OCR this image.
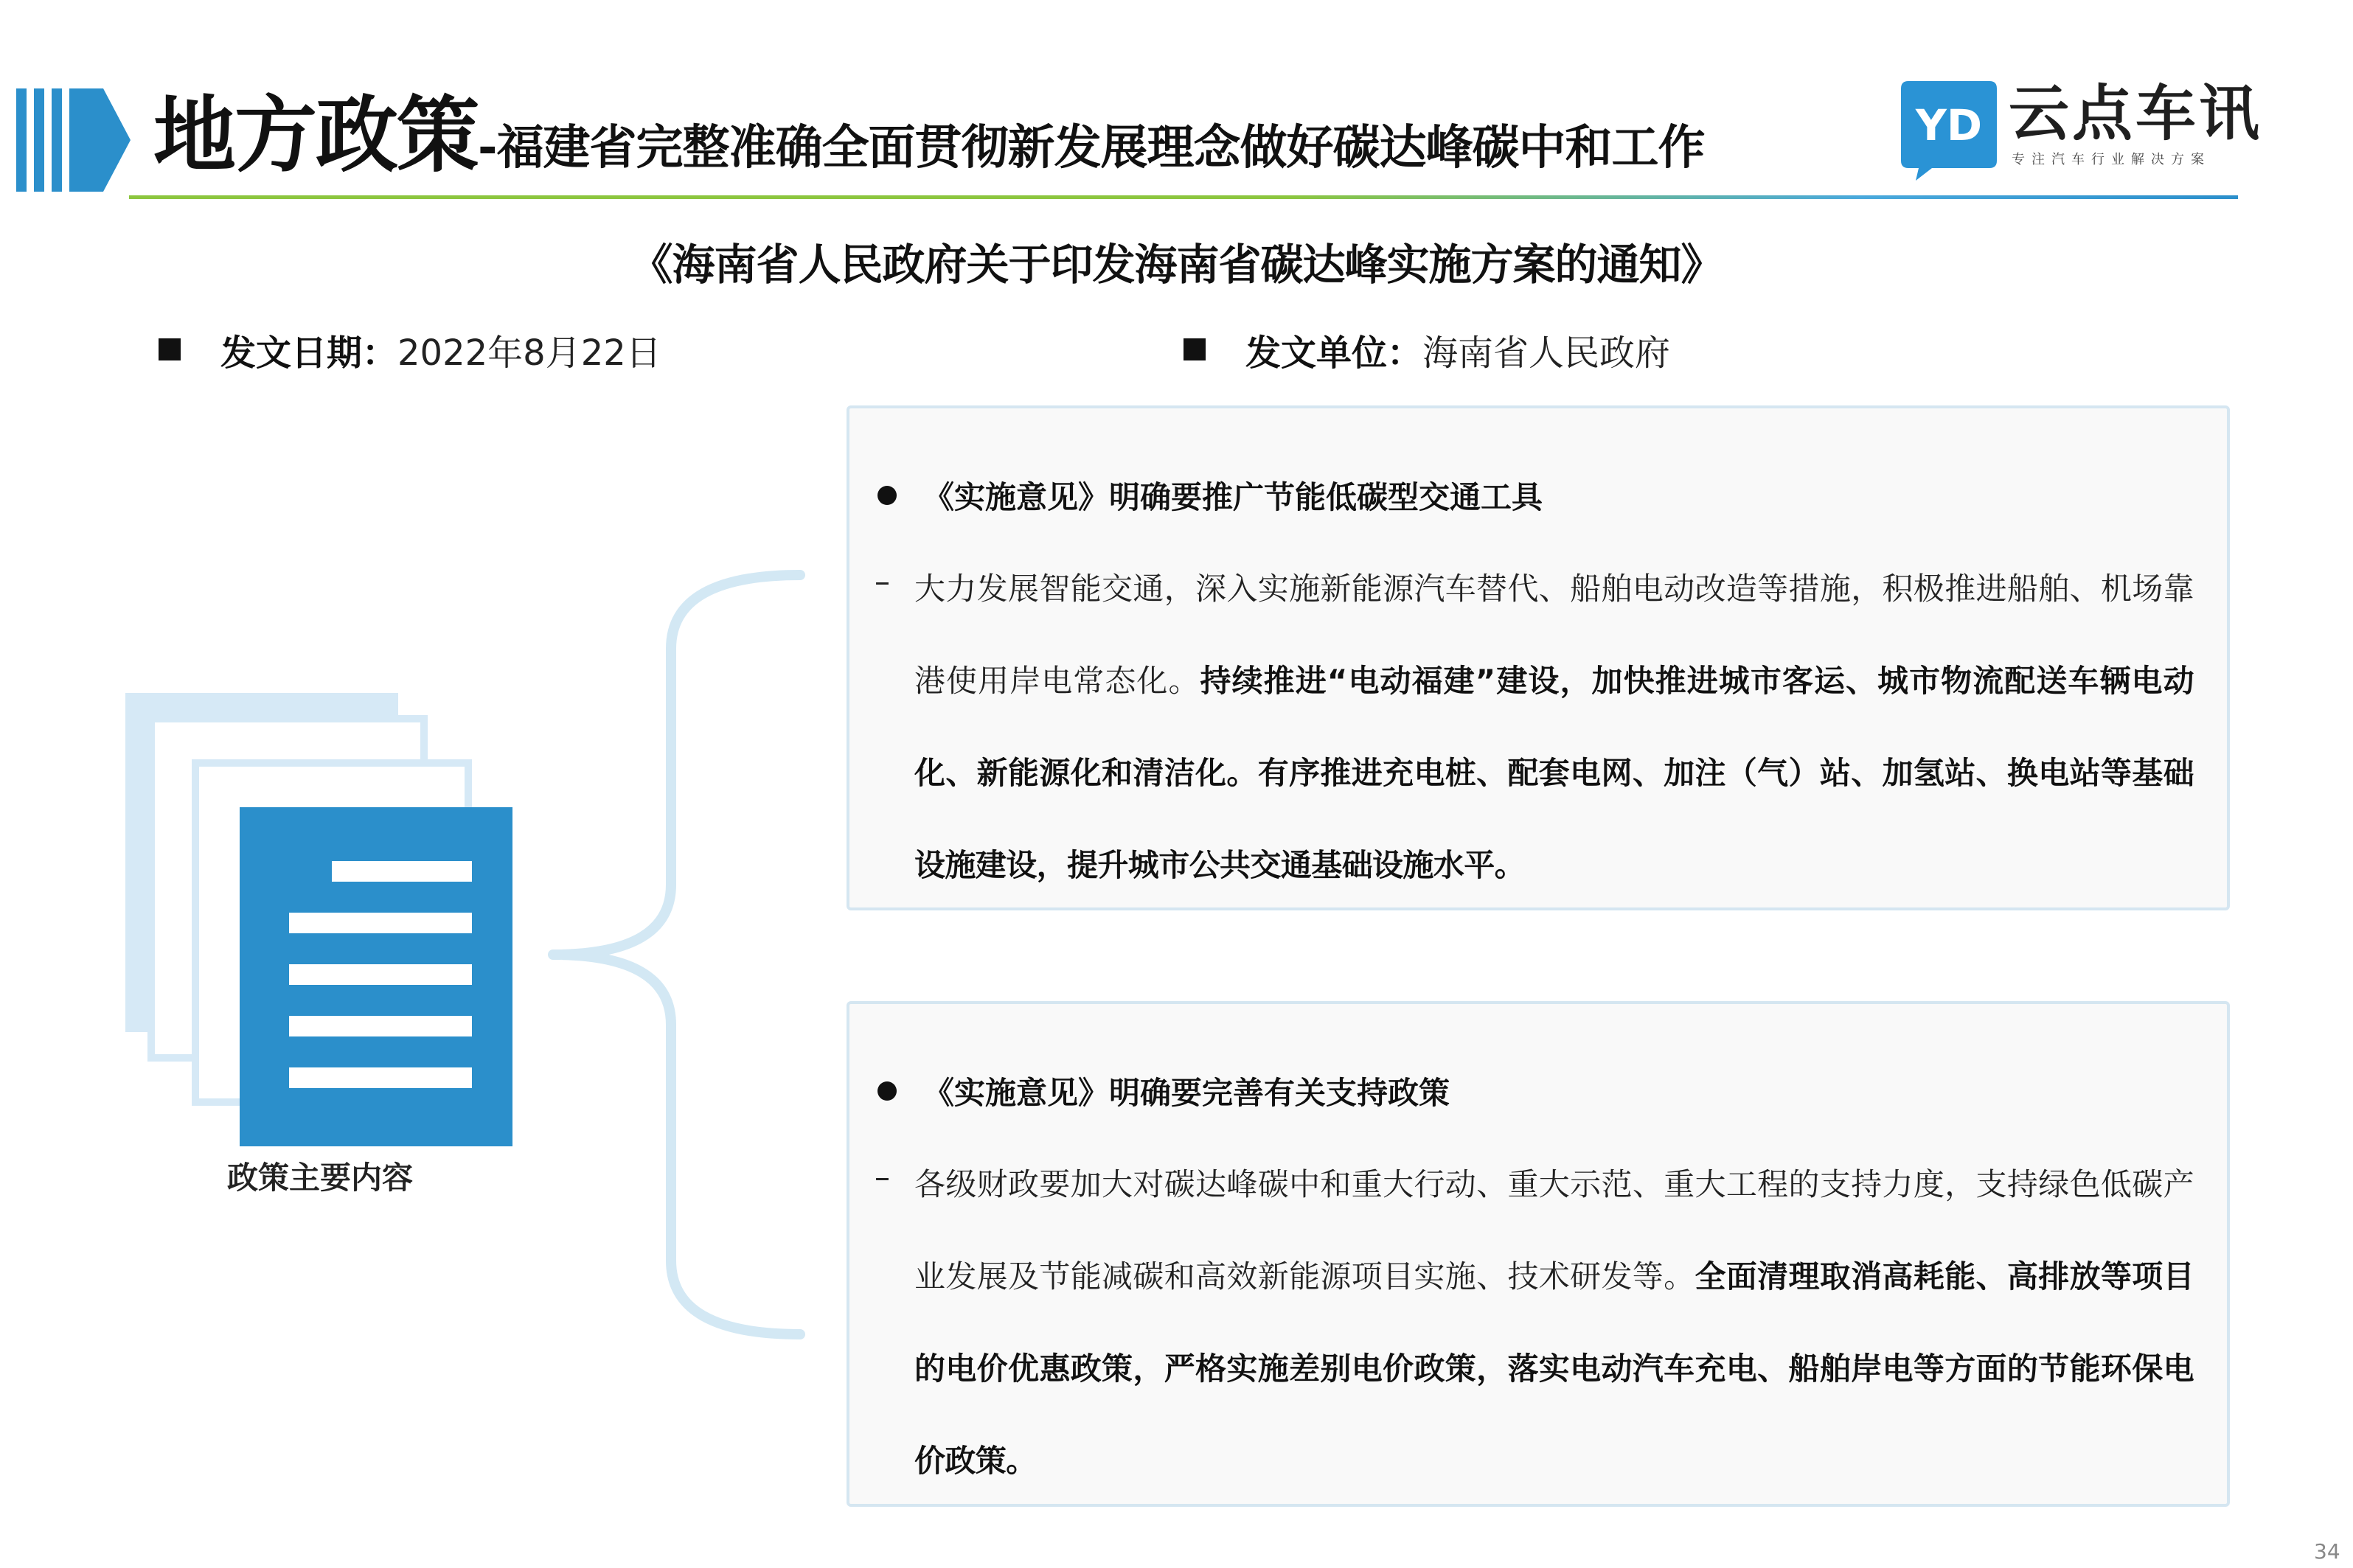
地方政策-福建省完整准确全面贯彻新发展理念做好碳达峰碳中和工作	YD 云点车讯
专注汽车行业解决方案
《海南省人民政府关于印发海南省碳达峰实施方案的通知》
发文日期：2022年8月22日	发文单位：海南省人民政府
政策主要内容
《实施意见》明确要推广节能低碳型交通工具
– 大力发展智能交通，深入实施新能源汽车替代、船舶电动改造等措施，积极推进船舶、机场靠港使用岸电常态化。持续推进“电动福建”建设，加快推进城市客运、城市物流配送车辆电动化、新能源化和清洁化。有序推进充电桩、配套电网、加注（气）站、加氢站、换电站等基础设施建设，提升城市公共交通基础设施水平。
《实施意见》明确要完善有关支持政策
– 各级财政要加大对碳达峰碳中和重大行动、重大示范、重大工程的支持力度，支持绿色低碳产业发展及节能减碳和高效新能源项目实施、技术研发等。全面清理取消高耗能、高排放等项目的电价优惠政策，严格实施差别电价政策，落实电动汽车充电、船舶岸电等方面的节能环保电价政策。
34
